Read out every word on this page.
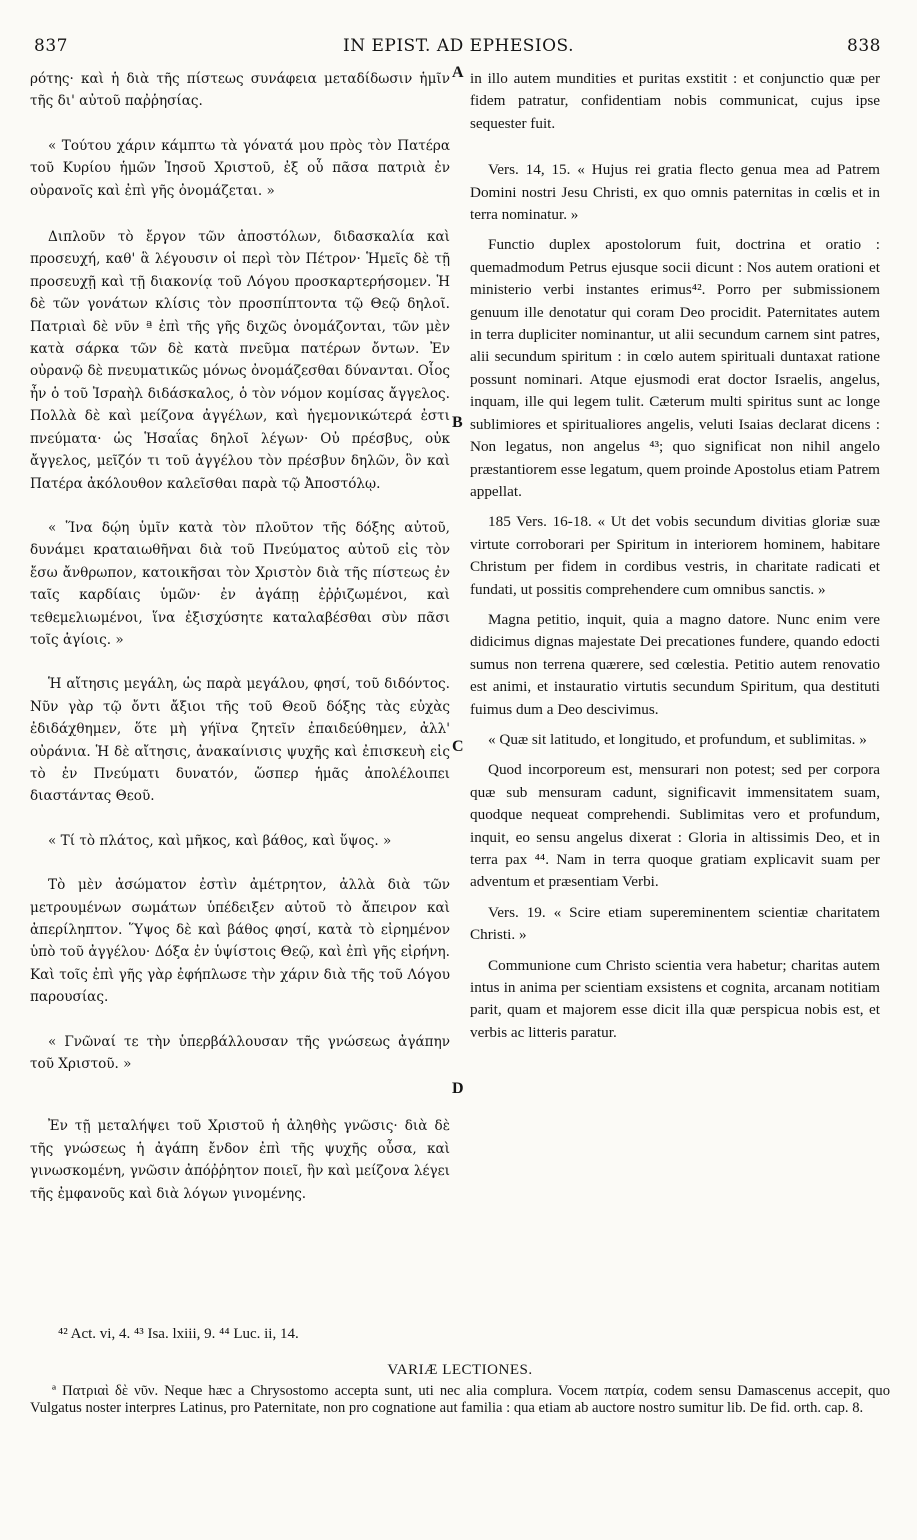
837	IN EPIST. AD EPHESIOS.	838
A
B
C
D

ρότης· καὶ ἡ διὰ τῆς πίστεως συνάφεια μεταδίδωσιν ἡμῖν τῆς δι' αὐτοῦ παῤῥησίας.

« Τούτου χάριν κάμπτω τὰ γόνατά μου πρὸς τὸν Πατέρα τοῦ Κυρίου ἡμῶν Ἰησοῦ Χριστοῦ, ἐξ οὗ πᾶσα πατριὰ ἐν οὐρανοῖς καὶ ἐπὶ γῆς ὀνομάζεται. »

Διπλοῦν τὸ ἔργον τῶν ἀποστόλων, διδασκαλία καὶ προσευχή, καθ' ἃ λέγουσιν οἱ περὶ τὸν Πέτρον· Ἡμεῖς δὲ τῇ προσευχῇ καὶ τῇ διακονίᾳ τοῦ Λόγου προσκαρτερήσομεν. Ἡ δὲ τῶν γονάτων κλίσις τὸν προσπίπτοντα τῷ Θεῷ δηλοῖ. Πατριαὶ δὲ νῦν ª ἐπὶ τῆς γῆς διχῶς ὀνομάζονται, τῶν μὲν κατὰ σάρκα τῶν δὲ κατὰ πνεῦμα πατέρων ὄντων. Ἐν οὐρανῷ δὲ πνευματικῶς μόνως ὀνομάζεσθαι δύνανται. Οἷος ἦν ὁ τοῦ Ἰσραὴλ διδάσκαλος, ὁ τὸν νόμον κομίσας ἄγγελος. Πολλὰ δὲ καὶ μείζονα ἀγγέλων, καὶ ἡγεμονικώτερά ἐστι πνεύματα· ὡς Ἡσαΐας δηλοῖ λέγων· Οὐ πρέσβυς, οὐκ ἄγγελος, μεῖζόν τι τοῦ ἀγγέλου τὸν πρέσβυν δηλῶν, ὃν καὶ Πατέρα ἀκόλουθον καλεῖσθαι παρὰ τῷ Ἀποστόλῳ.

« Ἵνα δῴη ὑμῖν κατὰ τὸν πλοῦτον τῆς δόξης αὐτοῦ, δυνάμει κραταιωθῆναι διὰ τοῦ Πνεύματος αὐτοῦ εἰς τὸν ἔσω ἄνθρωπον, κατοικῆσαι τὸν Χριστὸν διὰ τῆς πίστεως ἐν ταῖς καρδίαις ὑμῶν· ἐν ἀγάπῃ ἐῤῥιζωμένοι, καὶ τεθεμελιωμένοι, ἵνα ἐξισχύσητε καταλαβέσθαι σὺν πᾶσι τοῖς ἁγίοις. »

Ἡ αἴτησις μεγάλη, ὡς παρὰ μεγάλου, φησί, τοῦ διδόντος. Νῦν γὰρ τῷ ὄντι ἄξιοι τῆς τοῦ Θεοῦ δόξης τὰς εὐχὰς ἐδιδάχθημεν, ὅτε μὴ γήϊνα ζητεῖν ἐπαιδεύθημεν, ἀλλ' οὐράνια. Ἡ δὲ αἴτησις, ἀνακαίνισις ψυχῆς καὶ ἐπισκευὴ εἰς τὸ ἐν Πνεύματι δυνατόν, ὥσπερ ἡμᾶς ἀπολέλοιπει διαστάντας Θεοῦ.

« Τί τὸ πλάτος, καὶ μῆκος, καὶ βάθος, καὶ ὕψος. »

Τὸ μὲν ἀσώματον ἐστὶν ἀμέτρητον, ἀλλὰ διὰ τῶν μετρουμένων σωμάτων ὑπέδειξεν αὐτοῦ τὸ ἄπειρον καὶ ἀπερίληπτον. Ὕψος δὲ καὶ βάθος φησί, κατὰ τὸ εἰρημένον ὑπὸ τοῦ ἀγγέλου· Δόξα ἐν ὑψίστοις Θεῷ, καὶ ἐπὶ γῆς εἰρήνη. Καὶ τοῖς ἐπὶ γῆς γὰρ ἐφήπλωσε τὴν χάριν διὰ τῆς τοῦ Λόγου παρουσίας.

« Γνῶναί τε τὴν ὑπερβάλλουσαν τῆς γνώσεως ἀγάπην τοῦ Χριστοῦ. »

Ἐν τῇ μεταλήψει τοῦ Χριστοῦ ἡ ἀληθὴς γνῶσις· διὰ δὲ τῆς γνώσεως ἡ ἀγάπη ἔνδον ἐπὶ τῆς ψυχῆς οὖσα, καὶ γινωσκομένη, γνῶσιν ἀπόῤῥητον ποιεῖ, ἣν καὶ μείζονα λέγει τῆς ἐμφανοῦς καὶ διὰ λόγων γινομένης.

in illo autem mundities et puritas exstitit : et conjunctio quæ per fidem patratur, confidentiam nobis communicat, cujus ipse sequester fuit.

Vers. 14, 15. « Hujus rei gratia flecto genua mea ad Patrem Domini nostri Jesu Christi, ex quo omnis paternitas in cœlis et in terra nominatur. »

Functio duplex apostolorum fuit, doctrina et oratio : quemadmodum Petrus ejusque socii dicunt : Nos autem orationi et ministerio verbi instantes erimus⁴². Porro per submissionem genuum ille denotatur qui coram Deo procidit. Paternitates autem in terra dupliciter nominantur, ut alii secundum carnem sint patres, alii secundum spiritum : in cœlo autem spirituali duntaxat ratione possunt nominari. Atque ejusmodi erat doctor Israelis, angelus, inquam, ille qui legem tulit. Cæterum multi spiritus sunt ac longe sublimiores et spiritualiores angelis, veluti Isaias declarat dicens : Non legatus, non angelus ⁴³; quo significat non nihil angelo præstantiorem esse legatum, quem proinde Apostolus etiam Patrem appellat.

185 Vers. 16-18. « Ut det vobis secundum divitias gloriæ suæ virtute corroborari per Spiritum in interiorem hominem, habitare Christum per fidem in cordibus vestris, in charitate radicati et fundati, ut possitis comprehendere cum omnibus sanctis. »

Magna petitio, inquit, quia a magno datore. Nunc enim vere didicimus dignas majestate Dei precationes fundere, quando edocti sumus non terrena quærere, sed cœlestia. Petitio autem renovatio est animi, et instauratio virtutis secundum Spiritum, qua destituti fuimus dum a Deo descivimus.

« Quæ sit latitudo, et longitudo, et profundum, et sublimitas. »

Quod incorporeum est, mensurari non potest; sed per corpora quæ sub mensuram cadunt, significavit immensitatem suam, quodque nequeat comprehendi. Sublimitas vero et profundum, inquit, eo sensu angelus dixerat : Gloria in altissimis Deo, et in terra pax ⁴⁴. Nam in terra quoque gratiam explicavit suam per adventum et præsentiam Verbi.

Vers. 19. « Scire etiam supereminentem scientiæ charitatem Christi. »

Communione cum Christo scientia vera habetur; charitas autem intus in anima per scientiam exsistens et cognita, arcanam notitiam parit, quam et majorem esse dicit illa quæ perspicua nobis est, et verbis ac litteris paratur.

⁴² Act. vi, 4. ⁴³ Isa. lxiii, 9. ⁴⁴ Luc. ii, 14.

VARIÆ LECTIONES.

ª Πατριαὶ δὲ νῦν. Neque hæc a Chrysostomo accepta sunt, uti nec alia complura. Vocem πατρία, codem sensu Damascenus accepit, quo Vulgatus noster interpres Latinus, pro Paternitate, non pro cognatione aut familia : qua etiam ab auctore nostro sumitur lib. De fid. orth. cap. 8.
